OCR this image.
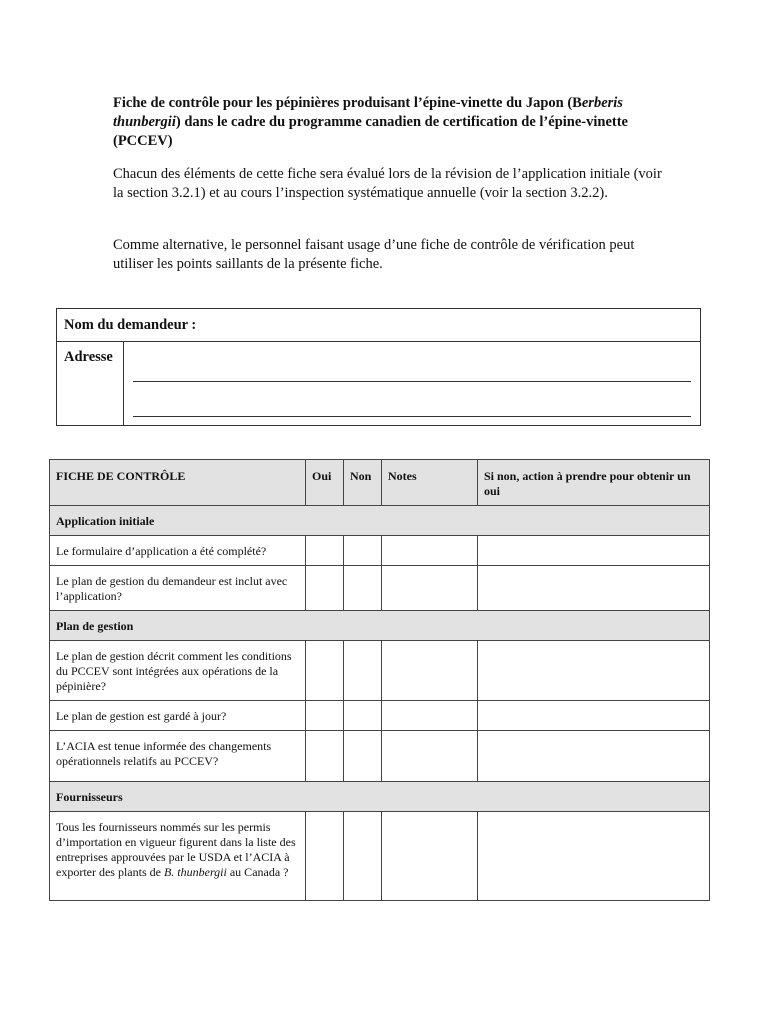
Fiche de contrôle pour les pépinières produisant l’épine-vinette du Japon (Berberis thunbergii) dans le cadre du programme canadien de certification de l’épine-vinette (PCCEV)

Chacun des éléments de cette fiche sera évalué lors de la révision de l’application initiale (voir la section 3.2.1) et au cours l’inspection systématique annuelle (voir la section 3.2.2).

Comme alternative, le personnel faisant usage d’une fiche de contrôle de vérification peut utiliser les points saillants de la présente fiche.

Nom du demandeur :
Adresse
FICHE DE CONTRÔLE	Oui	Non	Notes	Si non, action à prendre pour obtenir un oui
Application initiale				
Le formulaire d’application a été complété?				
Le plan de gestion du demandeur est inclut avec l’application?				
Plan de gestion				
Le plan de gestion décrit comment les conditions du PCCEV sont intégrées aux opérations de la pépinière?				
Le plan de gestion est gardé à jour?				
L’ACIA est tenue informée des changements opérationnels relatifs au PCCEV?				
Fournisseurs				
Tous les fournisseurs nommés sur les permis d’importation en vigueur figurent dans la liste des entreprises approuvées par le USDA et l’ACIA à exporter des plants de B. thunbergii au Canada ?				
